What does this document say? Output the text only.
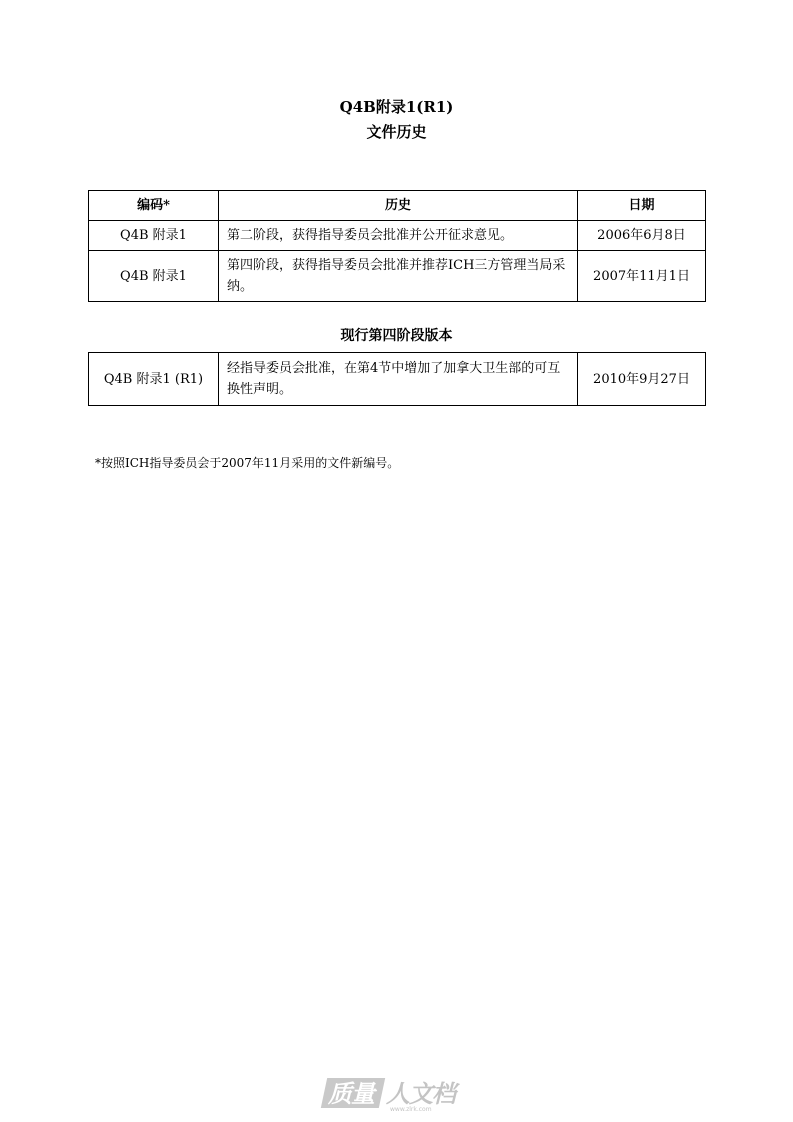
Q4B附录1(R1)
文件历史
编码*	历史	日期
Q4B 附录1	第二阶段，获得指导委员会批准并公开征求意见。	2006年6月8日
Q4B 附录1	第四阶段，获得指导委员会批准并推荐ICH三方管理当局采纳。	2007年11月1日
现行第四阶段版本
Q4B 附录1 (R1)	经指导委员会批准，在第4节中增加了加拿大卫生部的可互换性声明。	2010年9月27日
*按照ICH指导委员会于2007年11月采用的文件新编号。
质量 人文档
www.zlrk.com
